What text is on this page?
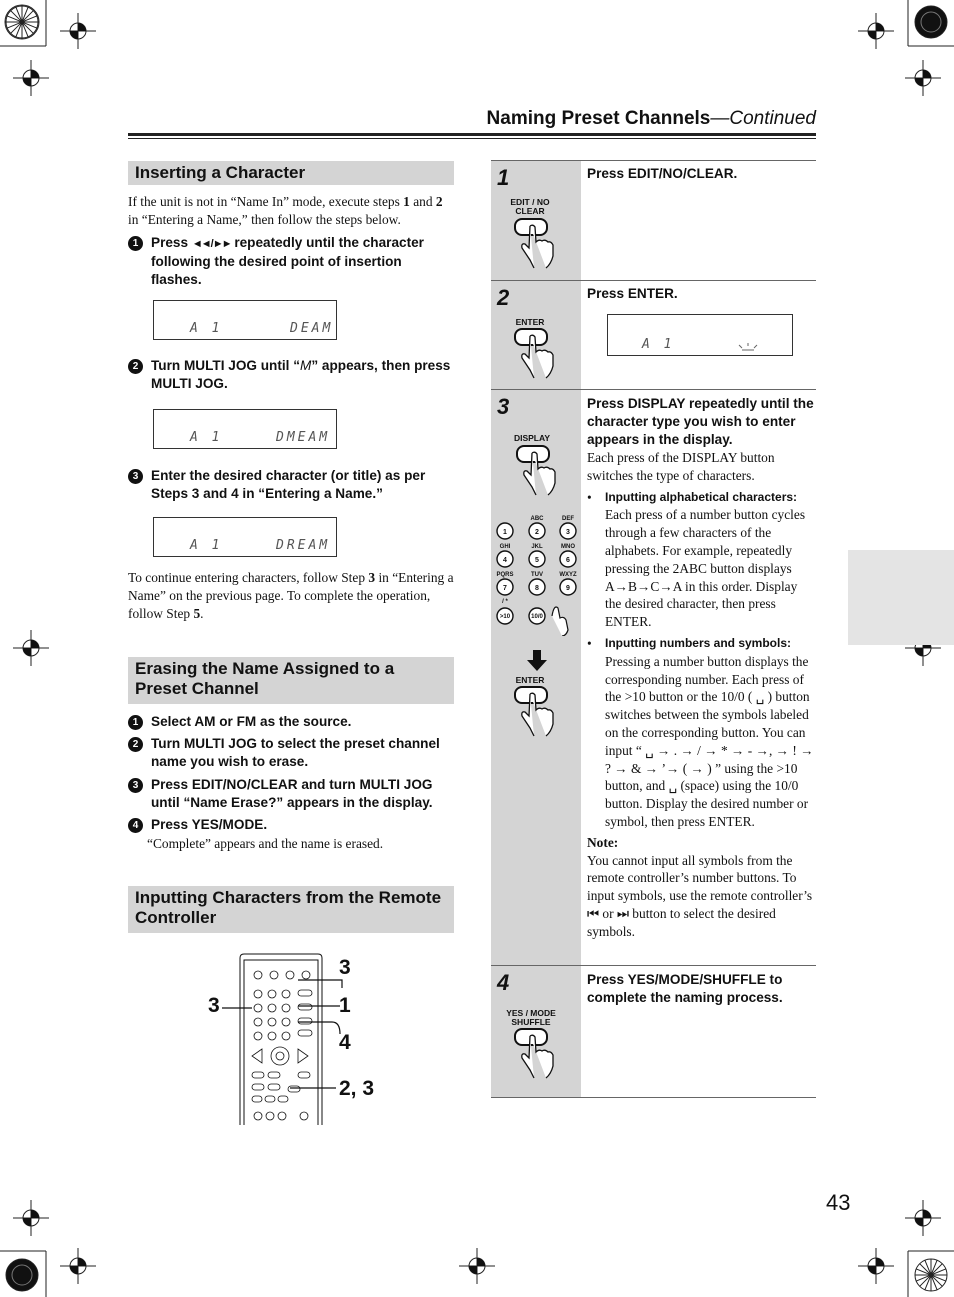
Naming Preset Channels—Continued
Inserting a Character
If the unit is not in “Name In” mode, execute steps 1 and 2 in “Entering a Name,” then follow the steps below.
1 Press ◄◄ / ►► repeatedly until the character following the desired point of insertion flashes.
A 1	DEAM
2 Turn MULTI JOG until “M” appears, then press MULTI JOG.
A 1	DMEAM
3 Enter the desired character (or title) as per Steps 3 and 4 in “Entering a Name.”
A 1	DREAM
To continue entering characters, follow Step 3 in “Entering a Name” on the previous page. To complete the operation, follow Step 5.
Erasing the Name Assigned to a Preset Channel
1 Select AM or FM as the source.
2 Turn MULTI JOG to select the preset channel name you wish to erase.
3 Press EDIT/NO/CLEAR and turn MULTI JOG until “Name Erase?” appears in the display.
4 Press YES/MODE.
“Complete” appears and the name is erased.
Inputting Characters from the Remote Controller
3
3
1
4
2, 3
1
EDIT / NO
CLEAR
Press EDIT/NO/CLEAR.
2
ENTER
Press ENTER.
A 1
3
DISPLAY
ABC	DEF
GHI	JKL	MNO
PQRS	TUV	WXYZ
/ *
1	2	3
4	5	6
7	8	9
>10	10/0
ENTER
Press DISPLAY repeatedly until the character type you wish to enter appears in the display.
Each press of the DISPLAY button switches the type of characters.
• Inputting alphabetical characters:
Each press of a number button cycles through a few characters of the alphabets. For example, repeatedly pressing the 2ABC button displays A→B→C→A in this order. Display the desired character, then press ENTER.
• Inputting numbers and symbols:
Pressing a number button displays the corresponding number. Each press of the >10 button or the 10/0 ( ␣ ) button switches between the symbols labeled on the corresponding button. You can input “ ␣ → . → / → * → - →, → ! → ? → & → ’→ ( → ) ” using the >10 button, and ␣ (space) using the 10/0 button. Display the desired number or symbol, then press ENTER.
Note:
You cannot input all symbols from the remote controller’s number buttons. To input symbols, use the remote controller’s ⏮ or ⏭ button to select the desired symbols.
4
YES / MODE
SHUFFLE
Press YES/MODE/SHUFFLE to complete the naming process.
43
